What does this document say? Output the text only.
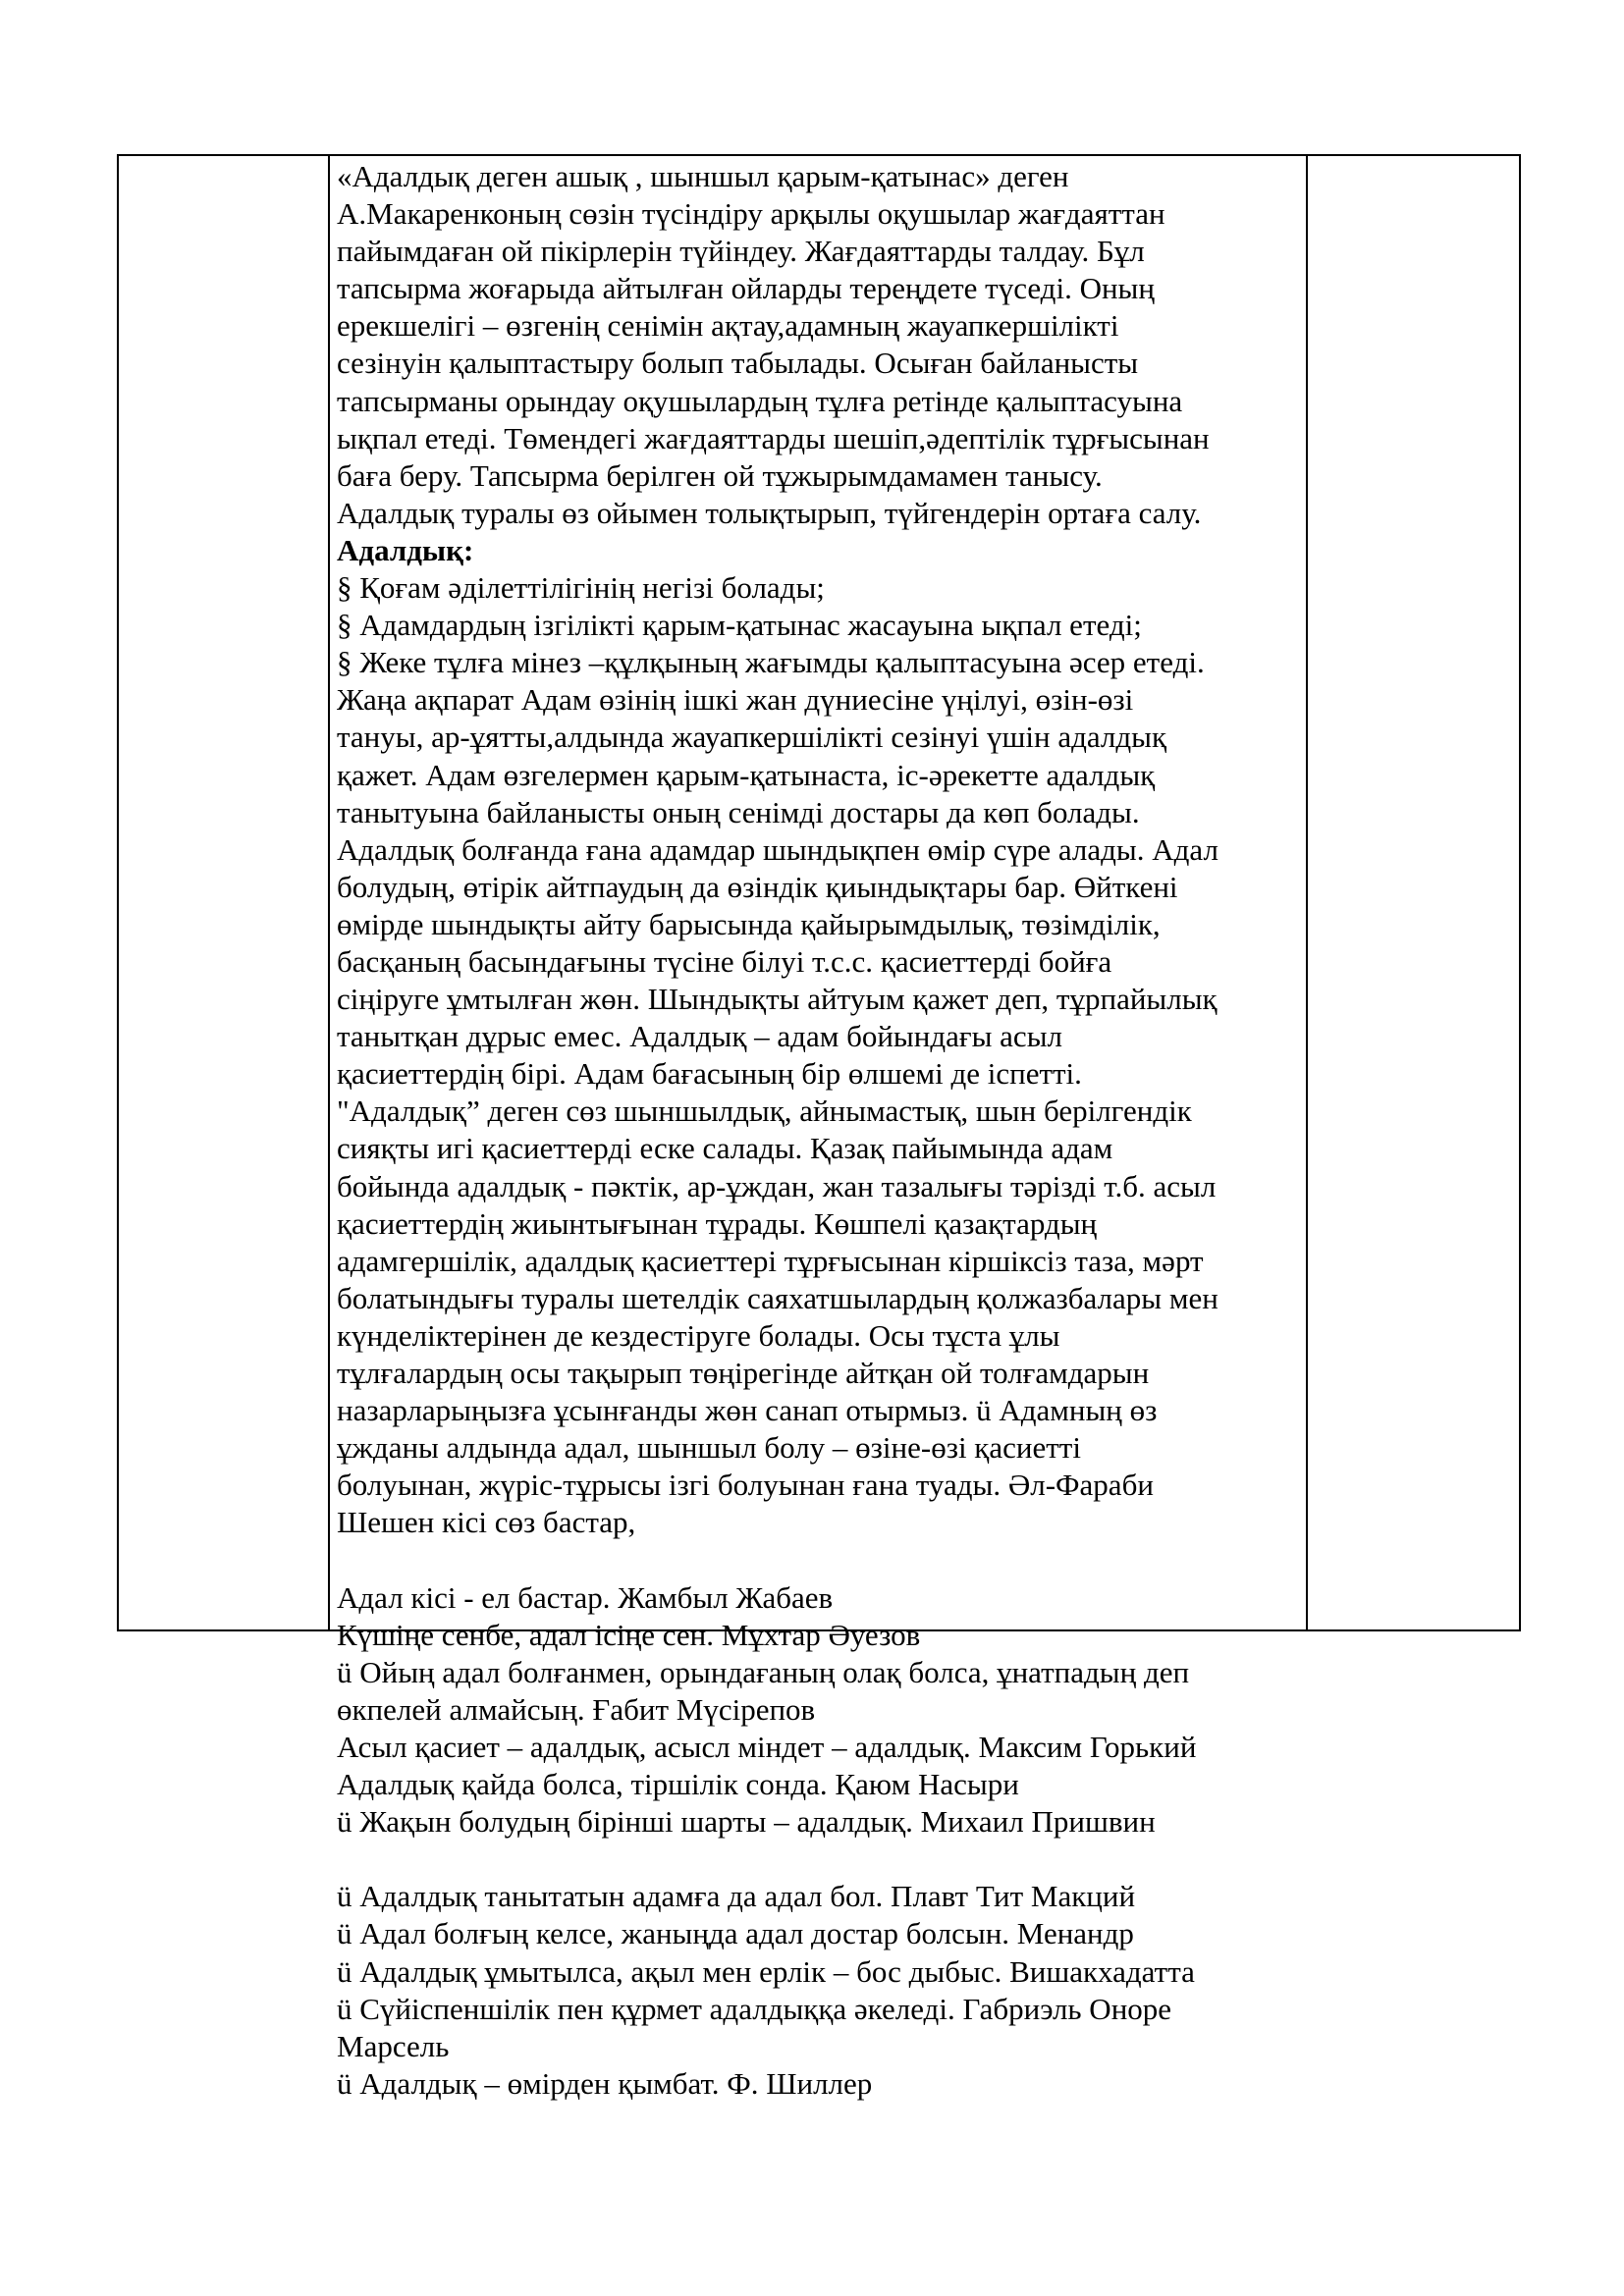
«Адалдық деген ашық , шыншыл қарым-қатынас» деген
А.Макаренконың сөзін түсіндіру арқылы оқушылар жағдаяттан
пайымдаған ой пікірлерін түйіндеу. Жағдаяттарды талдау. Бұл
тапсырма жоғарыда айтылған ойларды тереңдете түседі. Оның
ерекшелігі – өзгенің сенімін ақтау,адамның жауапкершілікті
сезінуін қалыптастыру болып табылады. Осыған байланысты
тапсырманы орындау оқушылардың тұлға ретінде қалыптасуына
ықпал етеді. Төмендегі жағдаяттарды шешіп,әдептілік тұрғысынан
баға беру. Тапсырма берілген ой тұжырымдамамен танысу.
Адалдық туралы өз ойымен толықтырып, түйгендерін ортаға салу.
Адалдық:
§ Қоғам әділеттілігінің негізі болады;
§ Адамдардың ізгілікті қарым-қатынас жасауына ықпал етеді;
§ Жеке тұлға мінез –құлқының жағымды қалыптасуына әсер етеді.
Жаңа ақпарат Адам өзінің ішкі жан дүниесіне үңілуі, өзін-өзі
тануы, ар-ұятты,алдында жауапкершілікті сезінуі үшін адалдық
қажет. Адам өзгелермен қарым-қатынаста, іс-әрекетте адалдық
танытуына байланысты оның сенімді достары да көп болады.
Адалдық болғанда ғана адамдар шындықпен өмір сүре алады. Адал
болудың, өтірік айтпаудың да өзіндік қиындықтары бар. Өйткені
өмірде шындықты айту барысында қайырымдылық, төзімділік,
басқаның басындағыны түсіне білуі т.с.с. қасиеттерді бойға
сіңіруге ұмтылған жөн. Шындықты айтуым қажет деп, тұрпайылық
танытқан дұрыс емес. Адалдық – адам бойындағы асыл
қасиеттердің бірі. Адам бағасының бір өлшемі де іспетті.
"Адалдық” деген сөз шыншылдық, айнымастық, шын берілгендік
сияқты игі қасиеттерді еске салады. Қазақ пайымында адам
бойында адалдық - пәктік, ар-ұждан, жан тазалығы тәрізді т.б. асыл
қасиеттердің жиынтығынан тұрады. Көшпелі қазақтардың
адамгершілік, адалдық қасиеттері тұрғысынан кіршіксіз таза, мәрт
болатындығы туралы шетелдік саяхатшылардың қолжазбалары мен
күнделіктерінен де кездестіруге болады. Осы тұста ұлы
тұлғалардың осы тақырып төңірегінде айтқан ой толғамдарын
назарларыңызға ұсынғанды жөн санап отырмыз. ü Адамның өз
ұжданы алдында адал, шыншыл болу – өзіне-өзі қасиетті
болуынан, жүріс-тұрысы ізгі болуынан ғана туады. Әл-Фараби
Шешен кісі сөз бастар,
Адал кісі - ел бастар. Жамбыл Жабаев
Күшіңе сенбе, адал ісіңе сен. Мұхтар Әуезов
ü Ойың адал болғанмен, орындағаның олақ болса, ұнатпадың деп
өкпелей алмайсың. Ғабит Мүсірепов
Асыл қасиет – адалдық, асысл міндет – адалдық. Максим Горький
Адалдық қайда болса, тіршілік сонда. Қаюм Насыри
ü Жақын болудың бірінші шарты – адалдық. Михаил Пришвин
ü Адалдық танытатын адамға да адал бол. Плавт Тит Макций
ü Адал болғың келсе, жаныңда адал достар болсын. Менандр
ü Адалдық ұмытылса, ақыл мен ерлік – бос дыбыс. Вишакхадатта
ü Сүйіспеншілік пен құрмет адалдыққа әкеледі. Габриэль Оноре
Марсель
ü Адалдық – өмірден қымбат. Ф. Шиллер
